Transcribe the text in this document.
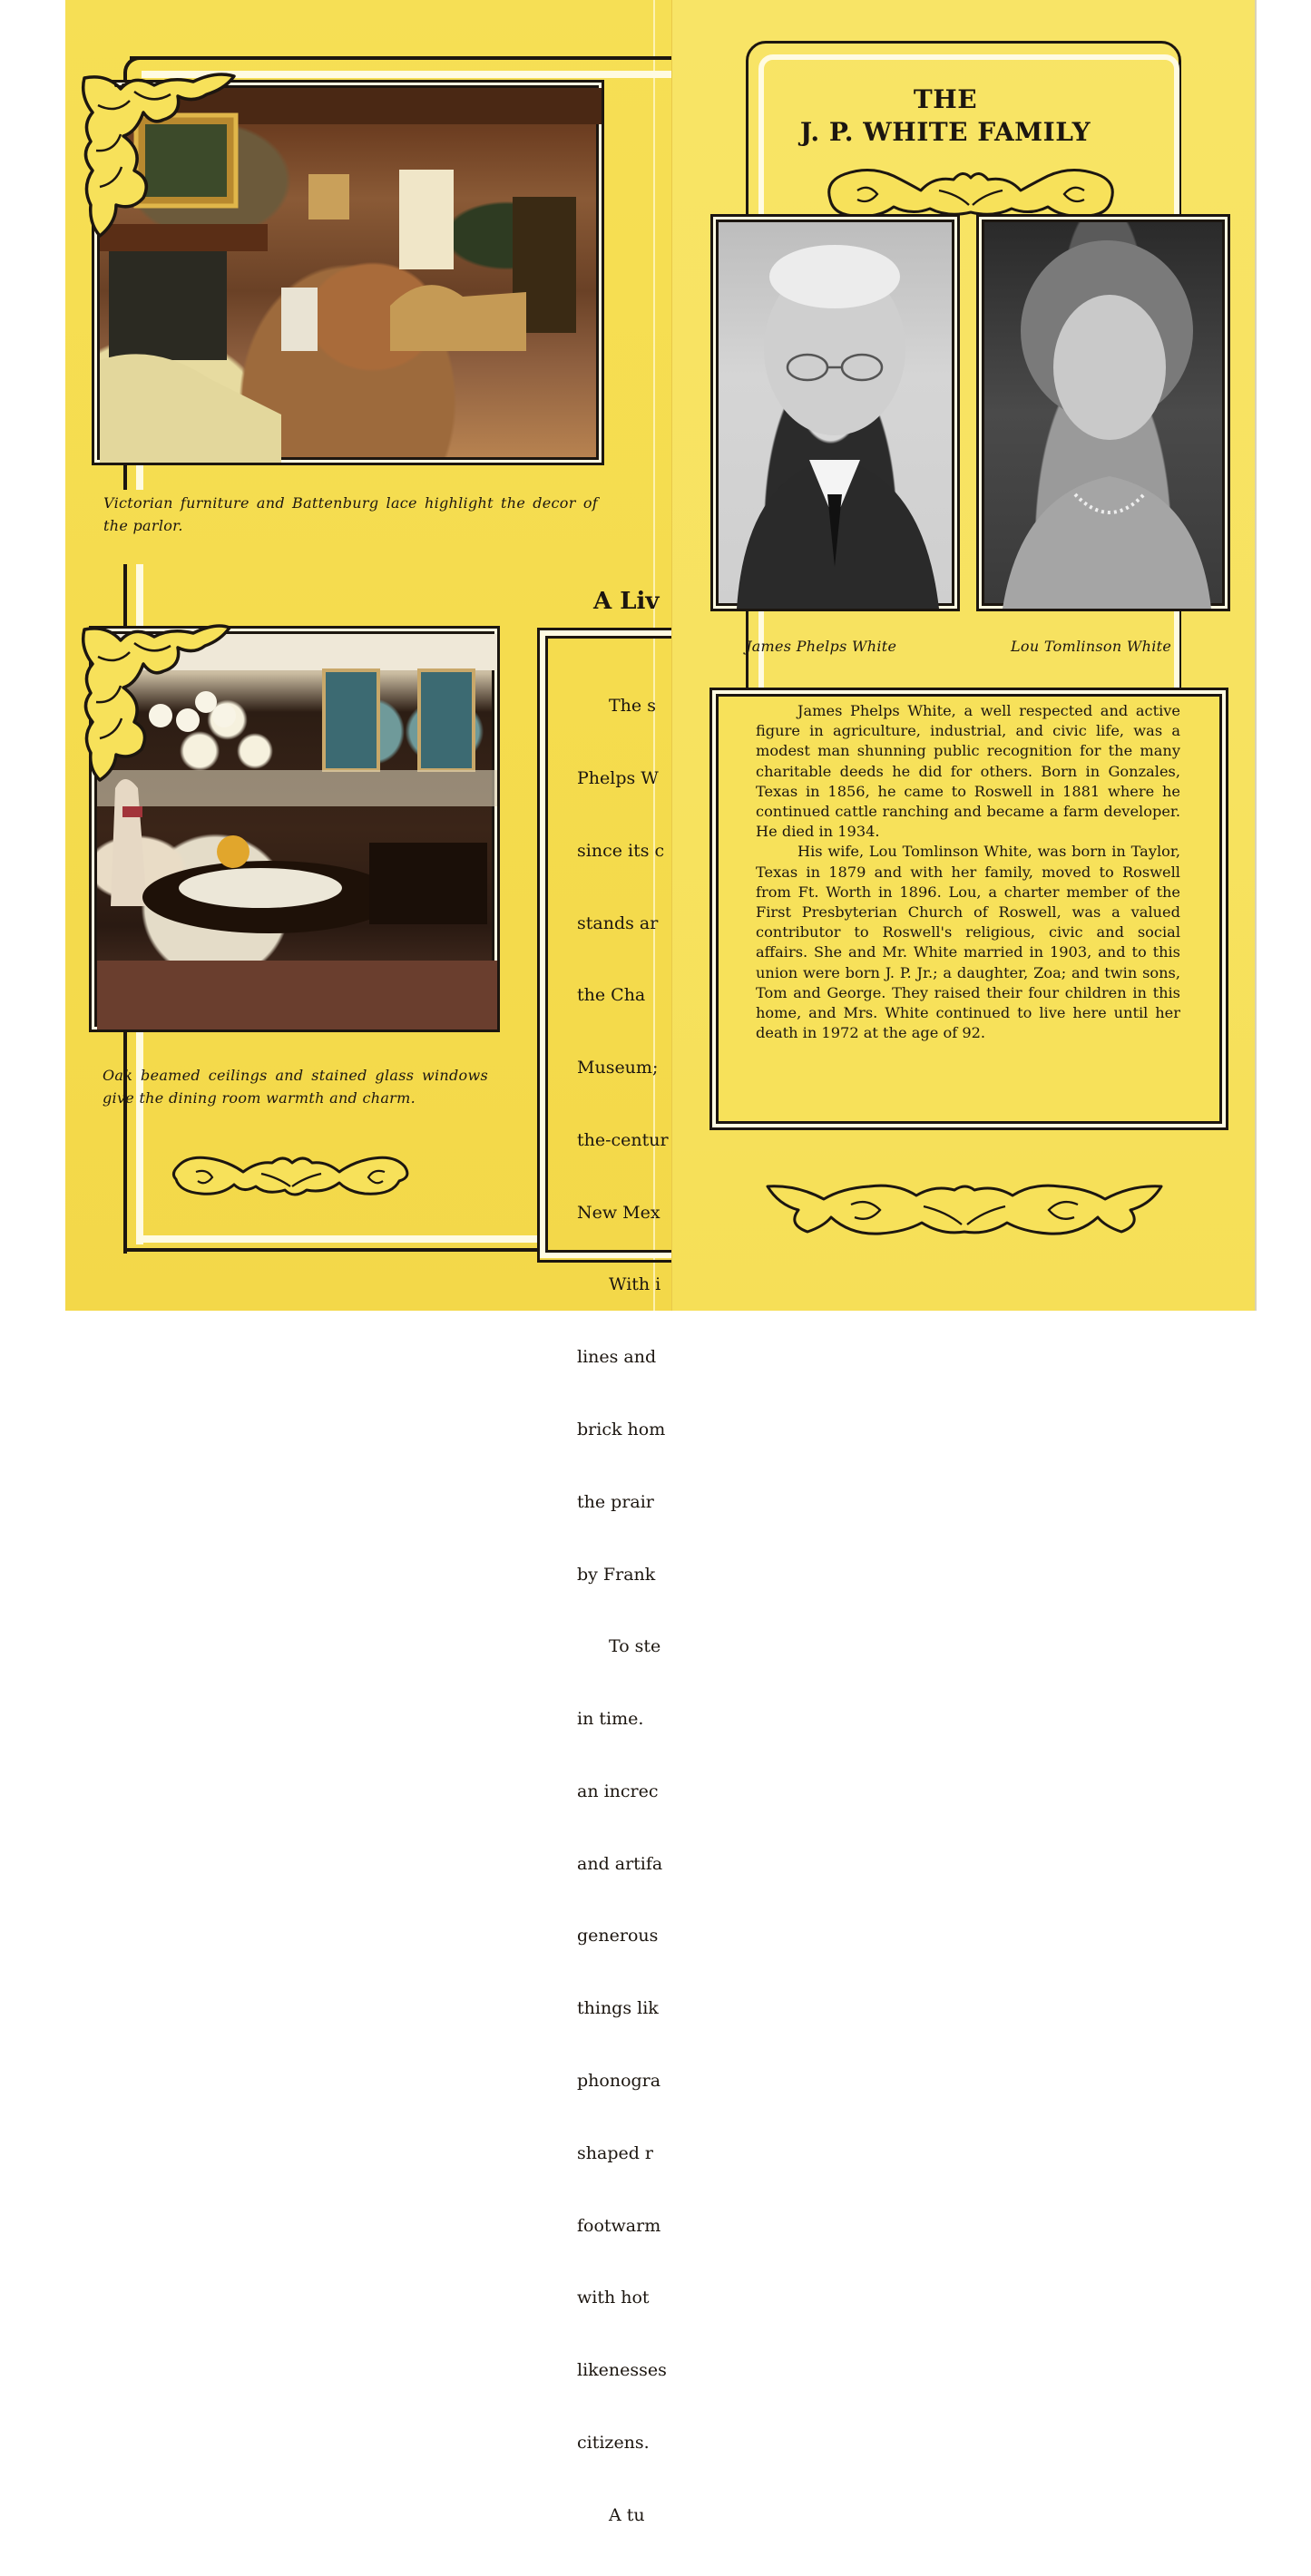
Victorian furniture and Battenburg lace highlight the decor of the parlor.
Oak beamed ceilings and stained glass windows give the dining room warmth and charm.
A Liv

The s

Phelps W

since its c

stands ar

the Cha

Museum;

the-centur

New Mex

With i

lines and

brick hom

the prair

by Frank

To ste

in time.

an increc

and artifa

generous

things lik

phonogra

shaped r

footwarm

with hot

likenesses

citizens.

A tu

THE
J. P. WHITE FAMILY
James Phelps White	Lou Tomlinson White

James Phelps White, a well respected and active figure in agriculture, industrial, and civic life, was a modest man shunning public recognition for the many charitable deeds he did for others. Born in Gonzales, Texas in 1856, he came to Roswell in 1881 where he continued cattle ranching and became a farm developer. He died in 1934.

His wife, Lou Tomlinson White, was born in Taylor, Texas in 1879 and with her family, moved to Roswell from Ft. Worth in 1896. Lou, a charter member of the First Presbyterian Church of Roswell, was a valued contributor to Roswell's religious, civic and social affairs. She and Mr. White married in 1903, and to this union were born J. P. Jr.; a daughter, Zoa; and twin sons, Tom and George. They raised their four children in this home, and Mrs. White continued to live here until her death in 1972 at the age of 92.
